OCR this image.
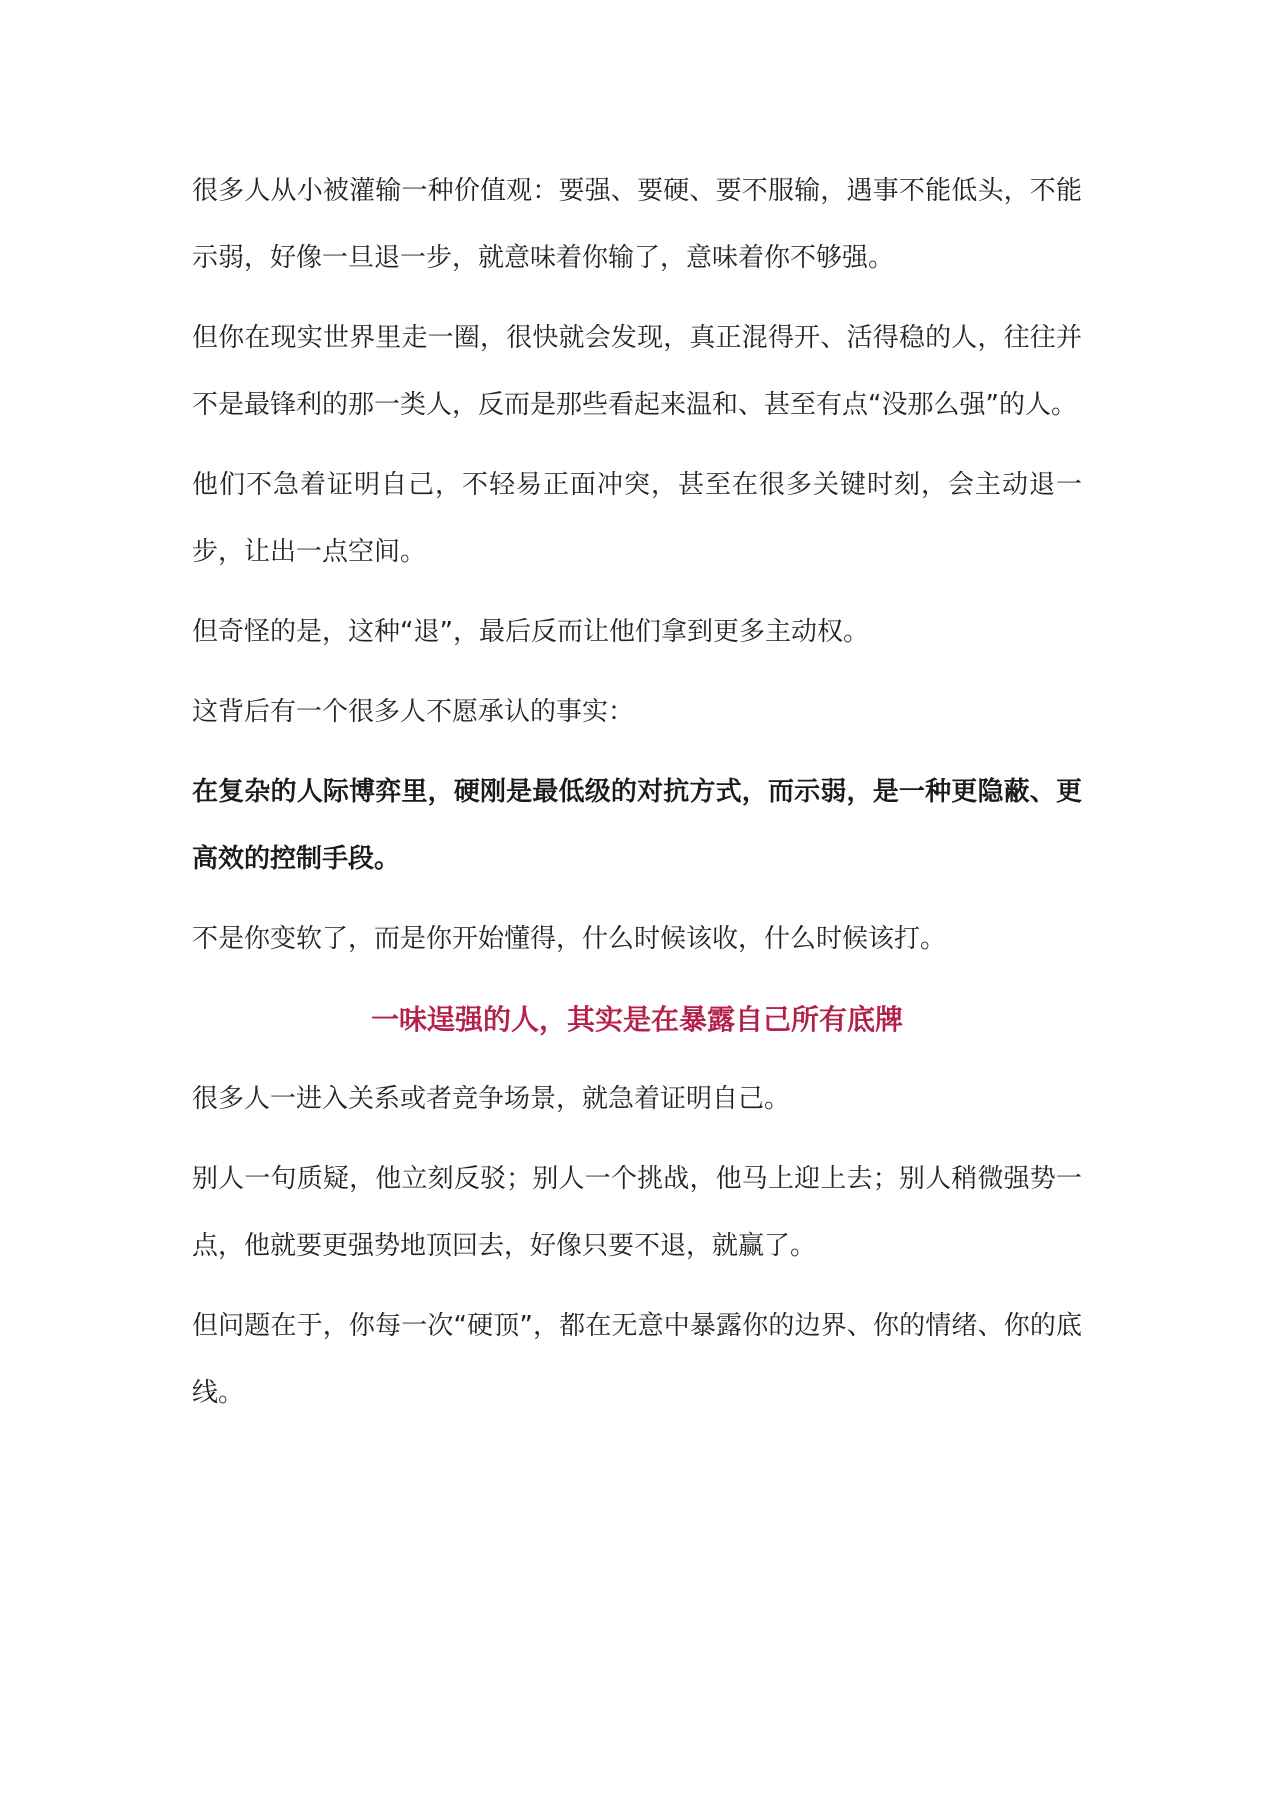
很多人从小被灌输一种价值观：要强、要硬、要不服输，遇事不能低头，不能示弱，好像一旦退一步，就意味着你输了，意味着你不够强。

但你在现实世界里走一圈，很快就会发现，真正混得开、活得稳的人，往往并不是最锋利的那一类人，反而是那些看起来温和、甚至有点“没那么强”的人。

他们不急着证明自己，不轻易正面冲突，甚至在很多关键时刻，会主动退一步，让出一点空间。

但奇怪的是，这种“退”，最后反而让他们拿到更多主动权。

这背后有一个很多人不愿承认的事实：

在复杂的人际博弈里，硬刚是最低级的对抗方式，而示弱，是一种更隐蔽、更高效的控制手段。

不是你变软了，而是你开始懂得，什么时候该收，什么时候该打。

一味逞强的人，其实是在暴露自己所有底牌

很多人一进入关系或者竞争场景，就急着证明自己。

别人一句质疑，他立刻反驳；别人一个挑战，他马上迎上去；别人稍微强势一点，他就要更强势地顶回去，好像只要不退，就赢了。

但问题在于，你每一次“硬顶”，都在无意中暴露你的边界、你的情绪、你的底线。
